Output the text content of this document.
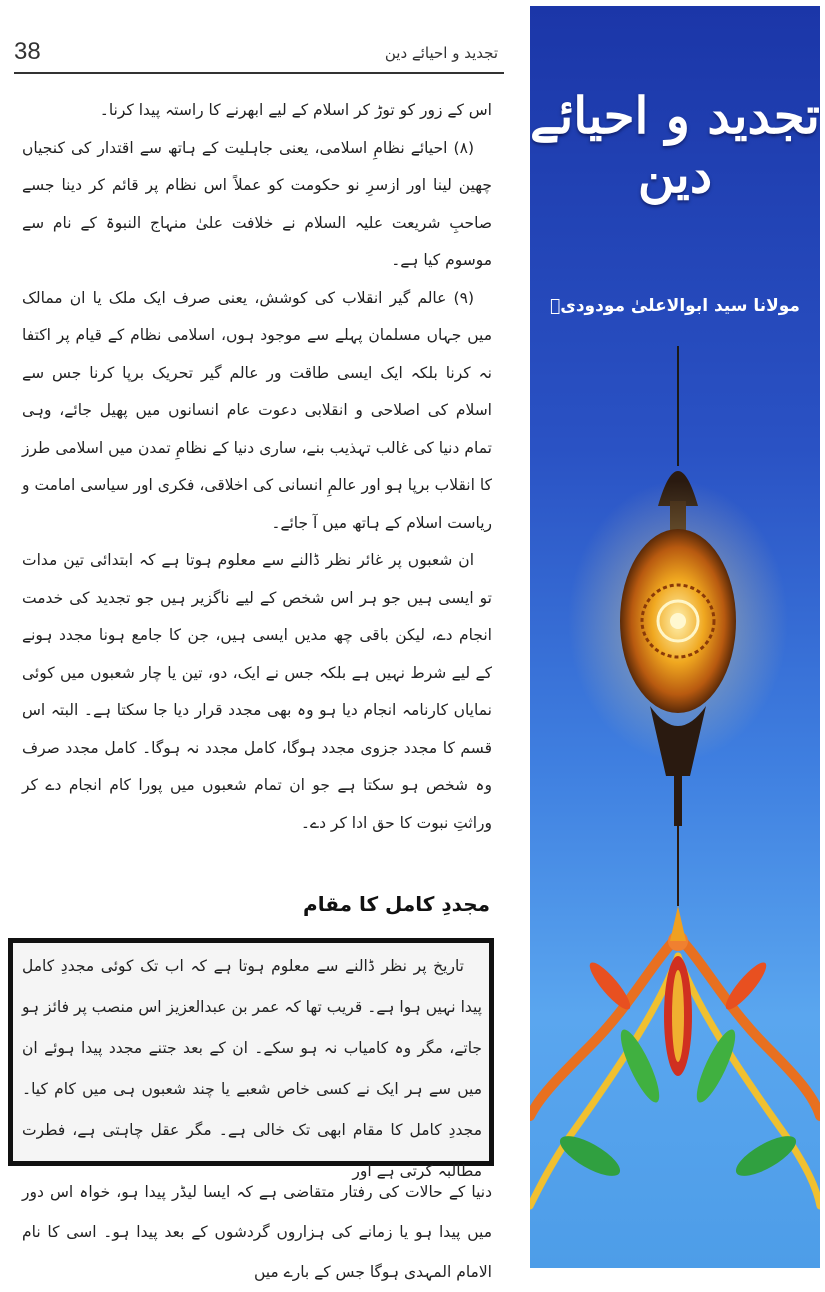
38	تجدید و احیائے دین

اس کے زور کو توڑ کر اسلام کے لیے ابھرنے کا راستہ پیدا کرنا۔

(۸) احیائے نظامِ اسلامی، یعنی جاہلیت کے ہاتھ سے اقتدار کی کنجیاں چھین لینا اور ازسرِ نو حکومت کو عملاً اس نظام پر قائم کر دینا جسے صاحبِ شریعت علیہ السلام نے خلافت علیٰ منہاج النبوۃ کے نام سے موسوم کیا ہے۔

(۹) عالم گیر انقلاب کی کوشش، یعنی صرف ایک ملک یا ان ممالک میں جہاں مسلمان پہلے سے موجود ہوں، اسلامی نظام کے قیام پر اکتفا نہ کرنا بلکہ ایک ایسی طاقت ور عالم گیر تحریک برپا کرنا جس سے اسلام کی اصلاحی و انقلابی دعوت عام انسانوں میں پھیل جائے، وہی تمام دنیا کی غالب تہذیب بنے، ساری دنیا کے نظامِ تمدن میں اسلامی طرز کا انقلاب برپا ہو اور عالمِ انسانی کی اخلاقی، فکری اور سیاسی امامت و ریاست اسلام کے ہاتھ میں آ جائے۔

ان شعبوں پر غائر نظر ڈالنے سے معلوم ہوتا ہے کہ ابتدائی تین مدات تو ایسی ہیں جو ہر اس شخص کے لیے ناگزیر ہیں جو تجدید کی خدمت انجام دے، لیکن باقی چھ مدیں ایسی ہیں، جن کا جامع ہونا مجدد ہونے کے لیے شرط نہیں ہے بلکہ جس نے ایک، دو، تین یا چار شعبوں میں کوئی نمایاں کارنامہ انجام دیا ہو وہ بھی مجدد قرار دیا جا سکتا ہے۔ البتہ اس قسم کا مجدد جزوی مجدد ہوگا، کامل مجدد نہ ہوگا۔ کامل مجدد صرف وہ شخص ہو سکتا ہے جو ان تمام شعبوں میں پورا کام انجام دے کر وراثتِ نبوت کا حق ادا کر دے۔

مجددِ کامل کا مقام

تاریخ پر نظر ڈالنے سے معلوم ہوتا ہے کہ اب تک کوئی مجددِ کامل پیدا نہیں ہوا ہے۔ قریب تھا کہ عمر بن عبدالعزیز اس منصب پر فائز ہو جاتے، مگر وہ کامیاب نہ ہو سکے۔ ان کے بعد جتنے مجدد پیدا ہوئے ان میں سے ہر ایک نے کسی خاص شعبے یا چند شعبوں ہی میں کام کیا۔ مجددِ کامل کا مقام ابھی تک خالی ہے۔ مگر عقل چاہتی ہے، فطرت مطالبہ کرتی ہے اور

دنیا کے حالات کی رفتار متقاضی ہے کہ ایسا لیڈر پیدا ہو، خواہ اس دور میں پیدا ہو یا زمانے کی ہزاروں گردشوں کے بعد پیدا ہو۔ اسی کا نام الامام المہدی ہوگا جس کے بارے میں

تجدید و احیائے دین
مولانا سید ابوالاعلیٰ مودودیؒ
